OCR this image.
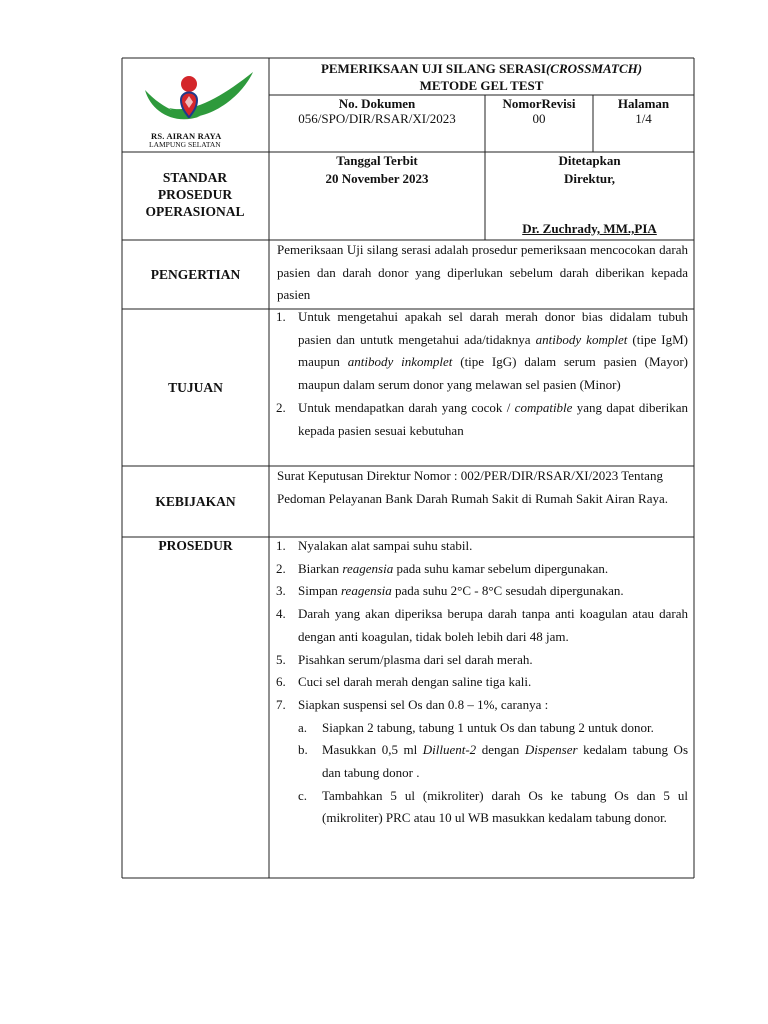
RS. AIRAN RAYA
LAMPUNG SELATAN
PEMERIKSAAN UJI SILANG SERASI(CROSSMATCH)
METODE GEL TEST
No. Dokumen
056/SPO/DIR/RSAR/XI/2023
NomorRevisi
00
Halaman
1/4
STANDAR PROSEDUR OPERASIONAL
Tanggal Terbit
20 November 2023
Ditetapkan
Direktur,
Dr. Zuchrady, MM.,PIA
PENGERTIAN
Pemeriksaan Uji silang serasi adalah prosedur pemeriksaan mencocokan darah pasien dan darah donor yang diperlukan sebelum darah diberikan kepada pasien
TUJUAN
1. Untuk mengetahui apakah sel darah merah donor bias didalam tubuh pasien dan untutk mengetahui ada/tidaknya antibody komplet (tipe IgM) maupun antibody inkomplet (tipe IgG) dalam serum pasien (Mayor) maupun dalam serum donor yang melawan sel pasien (Minor)
2. Untuk mendapatkan darah yang cocok / compatible yang dapat diberikan kepada pasien sesuai kebutuhan
KEBIJAKAN
Surat Keputusan Direktur Nomor : 002/PER/DIR/RSAR/XI/2023 Tentang Pedoman Pelayanan Bank Darah Rumah Sakit di Rumah Sakit Airan Raya.
PROSEDUR	1. Nyalakan alat sampai suhu stabil.
2. Biarkan reagensia pada suhu kamar sebelum dipergunakan.
3. Simpan reagensia pada suhu 2°C - 8°C sesudah dipergunakan.
4. Darah yang akan diperiksa berupa darah tanpa anti koagulan atau darah dengan anti koagulan, tidak boleh lebih dari 48 jam.
5. Pisahkan serum/plasma dari sel darah merah.
6. Cuci sel darah merah dengan saline tiga kali.
7. Siapkan suspensi sel Os dan 0.8 – 1%, caranya :
a. Siapkan 2 tabung, tabung 1 untuk Os dan tabung 2 untuk donor.
b. Masukkan 0,5 ml Dilluent-2 dengan Dispenser kedalam tabung Os dan tabung donor .
c. Tambahkan 5 ul (mikroliter) darah Os ke tabung Os dan 5 ul (mikroliter) PRC atau 10 ul WB masukkan kedalam tabung donor.
